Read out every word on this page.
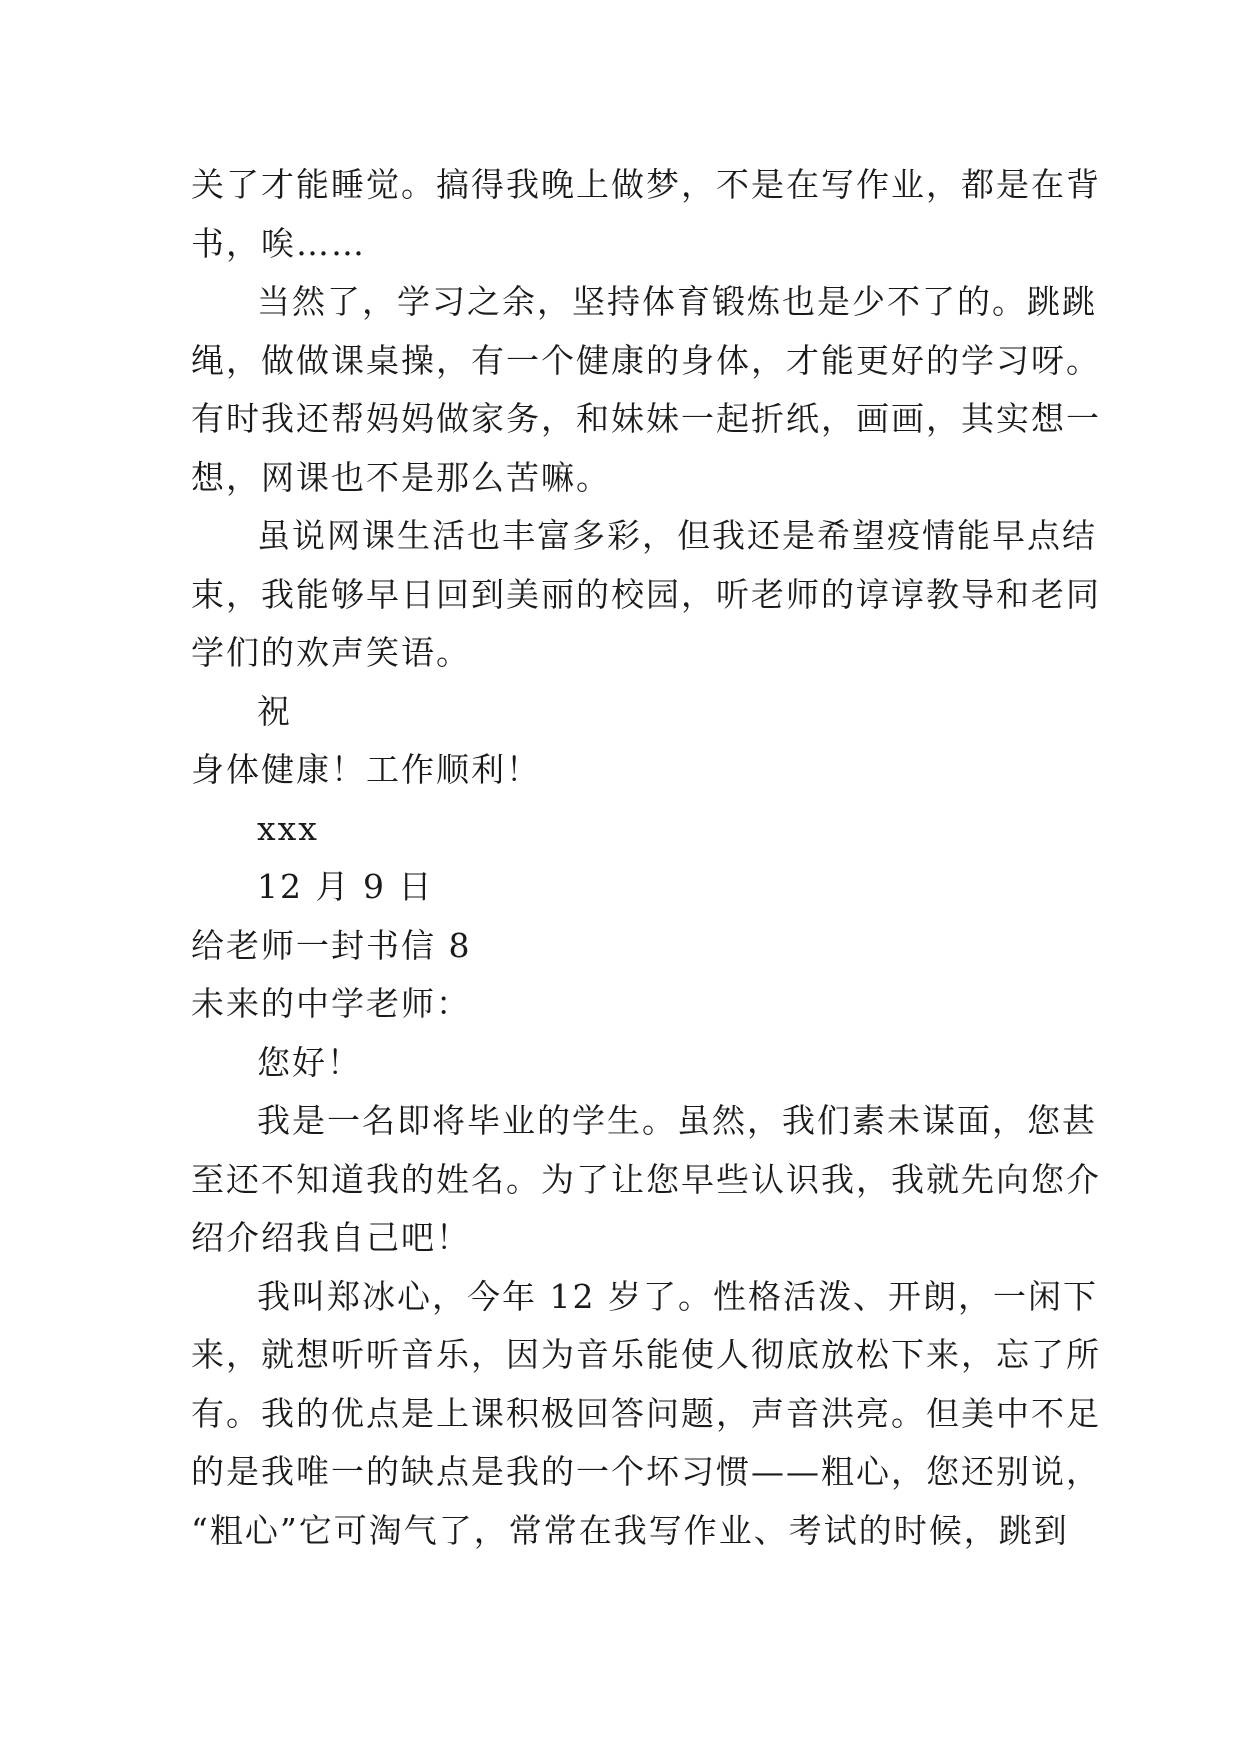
关了才能睡觉。搞得我晚上做梦，不是在写作业，都是在背
书，唉……
当然了，学习之余，坚持体育锻炼也是少不了的。跳跳
绳，做做课桌操，有一个健康的身体，才能更好的学习呀。
有时我还帮妈妈做家务，和妹妹一起折纸，画画，其实想一
想，网课也不是那么苦嘛。
虽说网课生活也丰富多彩，但我还是希望疫情能早点结
束，我能够早日回到美丽的校园，听老师的谆谆教导和老同
学们的欢声笑语。
祝
身体健康！工作顺利！
xxx
12 月 9 日
给老师一封书信 8
未来的中学老师：
您好！
我是一名即将毕业的学生。虽然，我们素未谋面，您甚
至还不知道我的姓名。为了让您早些认识我，我就先向您介
绍介绍我自己吧！
我叫郑冰心，今年 12 岁了。性格活泼、开朗，一闲下
来，就想听听音乐，因为音乐能使人彻底放松下来，忘了所
有。我的优点是上课积极回答问题，声音洪亮。但美中不足
的是我唯一的缺点是我的一个坏习惯——粗心，您还别说，
“粗心”它可淘气了，常常在我写作业、考试的时候，跳到
